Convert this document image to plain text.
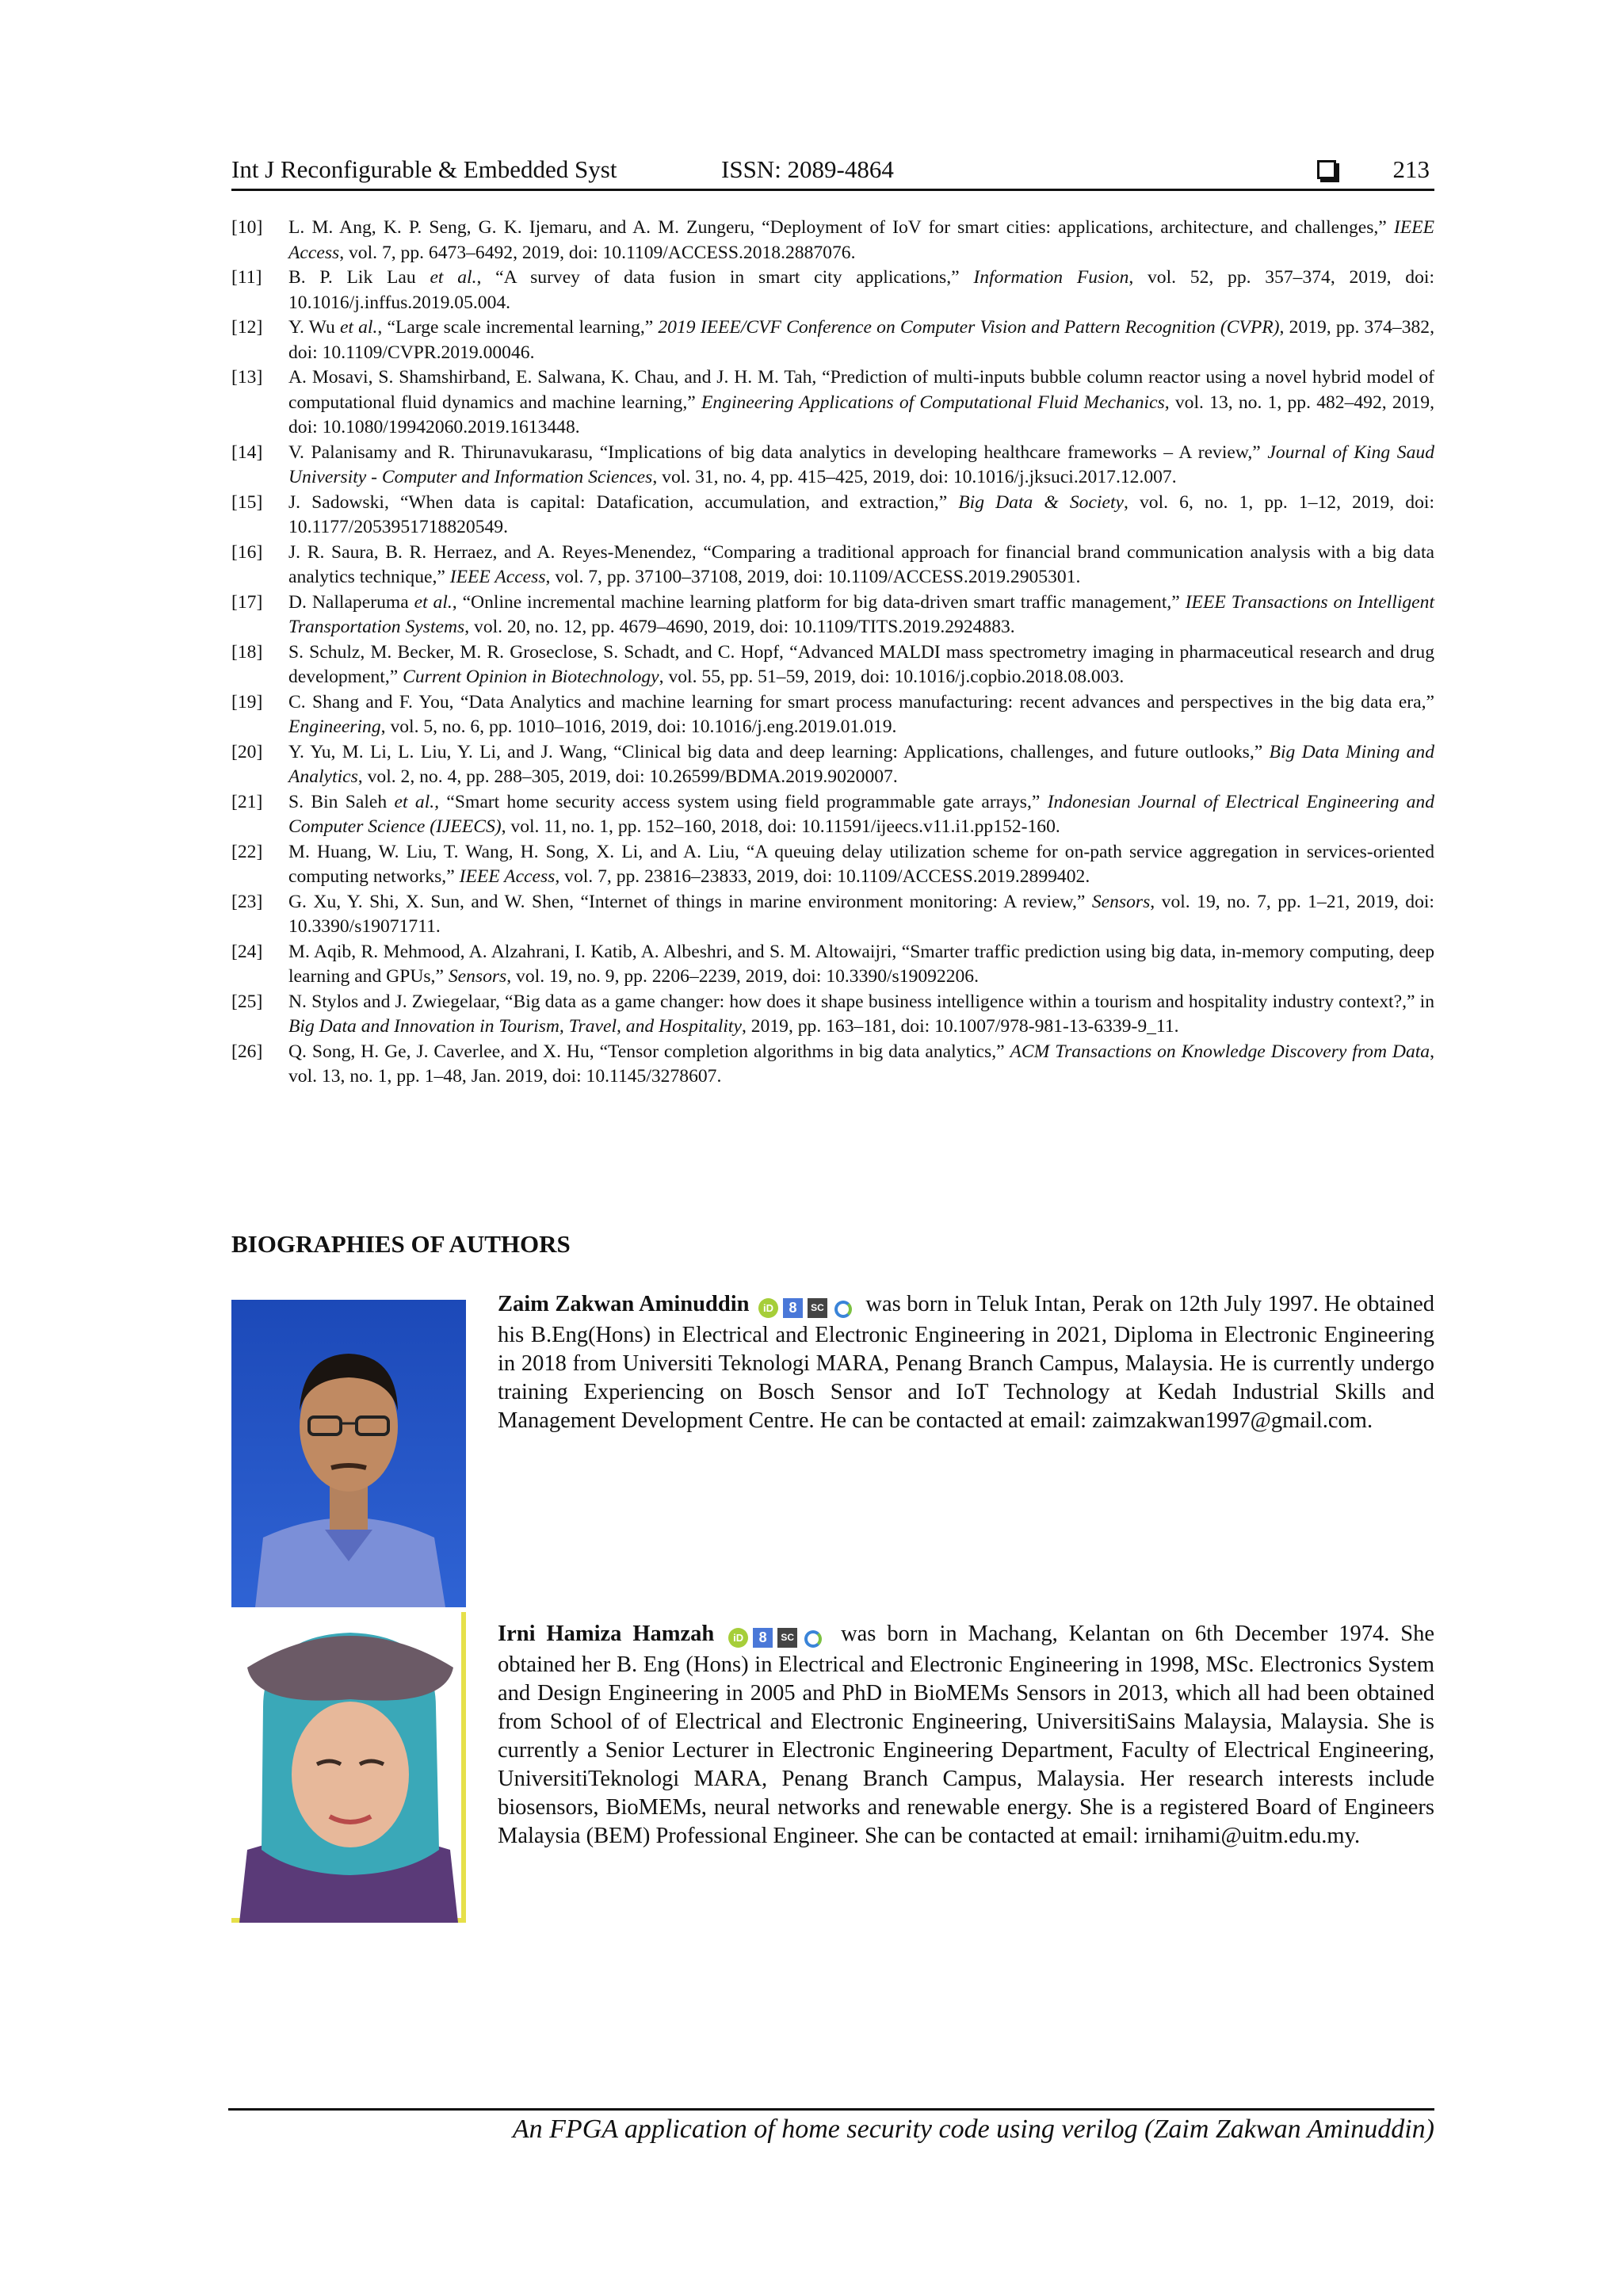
Int J Reconfigurable & Embedded Syst	ISSN: 2089-4864	213
[10]	L. M. Ang, K. P. Seng, G. K. Ijemaru, and A. M. Zungeru, “Deployment of IoV for smart cities: applications, architecture, and challenges,” IEEE Access, vol. 7, pp. 6473–6492, 2019, doi: 10.1109/ACCESS.2018.2887076.
[11]	B. P. Lik Lau et al., “A survey of data fusion in smart city applications,” Information Fusion, vol. 52, pp. 357–374, 2019, doi: 10.1016/j.inffus.2019.05.004.
[12]	Y. Wu et al., “Large scale incremental learning,” 2019 IEEE/CVF Conference on Computer Vision and Pattern Recognition (CVPR), 2019, pp. 374–382, doi: 10.1109/CVPR.2019.00046.
[13]	A. Mosavi, S. Shamshirband, E. Salwana, K. Chau, and J. H. M. Tah, “Prediction of multi-inputs bubble column reactor using a novel hybrid model of computational fluid dynamics and machine learning,” Engineering Applications of Computational Fluid Mechanics, vol. 13, no. 1, pp. 482–492, 2019, doi: 10.1080/19942060.2019.1613448.
[14]	V. Palanisamy and R. Thirunavukarasu, “Implications of big data analytics in developing healthcare frameworks – A review,” Journal of King Saud University - Computer and Information Sciences, vol. 31, no. 4, pp. 415–425, 2019, doi: 10.1016/j.jksuci.2017.12.007.
[15]	J. Sadowski, “When data is capital: Datafication, accumulation, and extraction,” Big Data & Society, vol. 6, no. 1, pp. 1–12, 2019, doi: 10.1177/2053951718820549.
[16]	J. R. Saura, B. R. Herraez, and A. Reyes-Menendez, “Comparing a traditional approach for financial brand communication analysis with a big data analytics technique,” IEEE Access, vol. 7, pp. 37100–37108, 2019, doi: 10.1109/ACCESS.2019.2905301.
[17]	D. Nallaperuma et al., “Online incremental machine learning platform for big data-driven smart traffic management,” IEEE Transactions on Intelligent Transportation Systems, vol. 20, no. 12, pp. 4679–4690, 2019, doi: 10.1109/TITS.2019.2924883.
[18]	S. Schulz, M. Becker, M. R. Groseclose, S. Schadt, and C. Hopf, “Advanced MALDI mass spectrometry imaging in pharmaceutical research and drug development,” Current Opinion in Biotechnology, vol. 55, pp. 51–59, 2019, doi: 10.1016/j.copbio.2018.08.003.
[19]	C. Shang and F. You, “Data Analytics and machine learning for smart process manufacturing: recent advances and perspectives in the big data era,” Engineering, vol. 5, no. 6, pp. 1010–1016, 2019, doi: 10.1016/j.eng.2019.01.019.
[20]	Y. Yu, M. Li, L. Liu, Y. Li, and J. Wang, “Clinical big data and deep learning: Applications, challenges, and future outlooks,” Big Data Mining and Analytics, vol. 2, no. 4, pp. 288–305, 2019, doi: 10.26599/BDMA.2019.9020007.
[21]	S. Bin Saleh et al., “Smart home security access system using field programmable gate arrays,” Indonesian Journal of Electrical Engineering and Computer Science (IJEECS), vol. 11, no. 1, pp. 152–160, 2018, doi: 10.11591/ijeecs.v11.i1.pp152-160.
[22]	M. Huang, W. Liu, T. Wang, H. Song, X. Li, and A. Liu, “A queuing delay utilization scheme for on-path service aggregation in services-oriented computing networks,” IEEE Access, vol. 7, pp. 23816–23833, 2019, doi: 10.1109/ACCESS.2019.2899402.
[23]	G. Xu, Y. Shi, X. Sun, and W. Shen, “Internet of things in marine environment monitoring: A review,” Sensors, vol. 19, no. 7, pp. 1–21, 2019, doi: 10.3390/s19071711.
[24]	M. Aqib, R. Mehmood, A. Alzahrani, I. Katib, A. Albeshri, and S. M. Altowaijri, “Smarter traffic prediction using big data, in-memory computing, deep learning and GPUs,” Sensors, vol. 19, no. 9, pp. 2206–2239, 2019, doi: 10.3390/s19092206.
[25]	N. Stylos and J. Zwiegelaar, “Big data as a game changer: how does it shape business intelligence within a tourism and hospitality industry context?,” in Big Data and Innovation in Tourism, Travel, and Hospitality, 2019, pp. 163–181, doi: 10.1007/978-981-13-6339-9_11.
[26]	Q. Song, H. Ge, J. Caverlee, and X. Hu, “Tensor completion algorithms in big data analytics,” ACM Transactions on Knowledge Discovery from Data, vol. 13, no. 1, pp. 1–48, Jan. 2019, doi: 10.1145/3278607.
BIOGRAPHIES OF AUTHORS
Zaim Zakwan Aminuddin iD 8 SC was born in Teluk Intan, Perak on 12th July 1997. He obtained his B.Eng(Hons) in Electrical and Electronic Engineering in 2021, Diploma in Electronic Engineering in 2018 from Universiti Teknologi MARA, Penang Branch Campus, Malaysia. He is currently undergo training Experiencing on Bosch Sensor and IoT Technology at Kedah Industrial Skills and Management Development Centre. He can be contacted at email: zaimzakwan1997@gmail.com.
Irni Hamiza Hamzah iD 8 SC was born in Machang, Kelantan on 6th December 1974. She obtained her B. Eng (Hons) in Electrical and Electronic Engineering in 1998, MSc. Electronics System and Design Engineering in 2005 and PhD in BioMEMs Sensors in 2013, which all had been obtained from School of of Electrical and Electronic Engineering, UniversitiSains Malaysia, Malaysia. She is currently a Senior Lecturer in Electronic Engineering Department, Faculty of Electrical Engineering, UniversitiTeknologi MARA, Penang Branch Campus, Malaysia. Her research interests include biosensors, BioMEMs, neural networks and renewable energy. She is a registered Board of Engineers Malaysia (BEM) Professional Engineer. She can be contacted at email: irnihami@uitm.edu.my.
An FPGA application of home security code using verilog (Zaim Zakwan Aminuddin)
